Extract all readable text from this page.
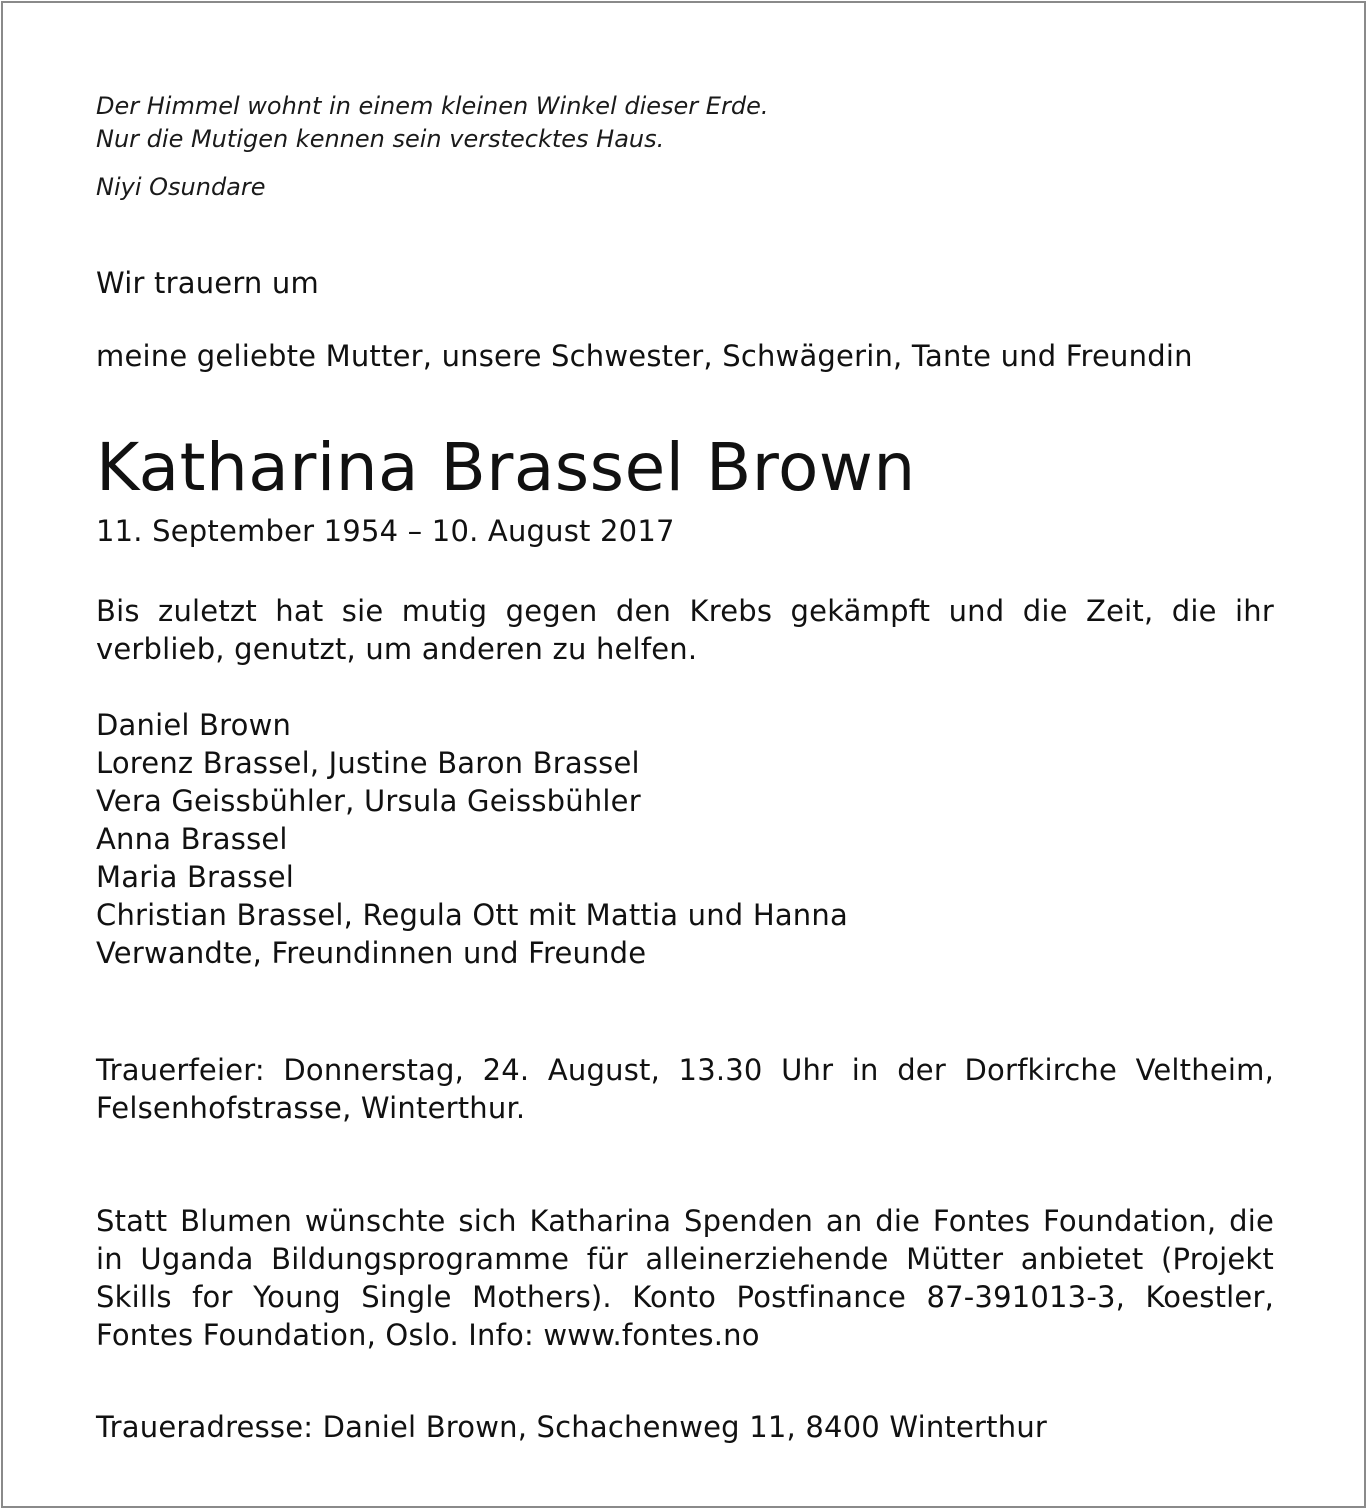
Der Himmel wohnt in einem kleinen Winkel dieser Erde.
Nur die Mutigen kennen sein verstecktes Haus.
Niyi Osundare
Wir trauern um
meine geliebte Mutter, unsere Schwester, Schwägerin, Tante und Freundin
Katharina Brassel Brown
11. September 1954 – 10. August 2017
Bis zuletzt hat sie mutig gegen den Krebs gekämpft und die Zeit, die ihr verblieb, genutzt, um anderen zu helfen.
Daniel Brown
Lorenz Brassel, Justine Baron Brassel
Vera Geissbühler, Ursula Geissbühler
Anna Brassel
Maria Brassel
Christian Brassel, Regula Ott mit Mattia und Hanna
Verwandte, Freundinnen und Freunde
Trauerfeier: Donnerstag, 24. August, 13.30 Uhr in der Dorfkirche Veltheim, Felsenhofstrasse, Winterthur.
Statt Blumen wünschte sich Katharina Spenden an die Fontes Foundation, die in Uganda Bildungsprogramme für alleinerziehende Mütter anbietet (Projekt Skills for Young Single Mothers). Konto Postfinance 87-391013-3, Koestler, Fontes Foundation, Oslo. Info: www.fontes.no
Traueradresse: Daniel Brown, Schachenweg 11, 8400 Winterthur
